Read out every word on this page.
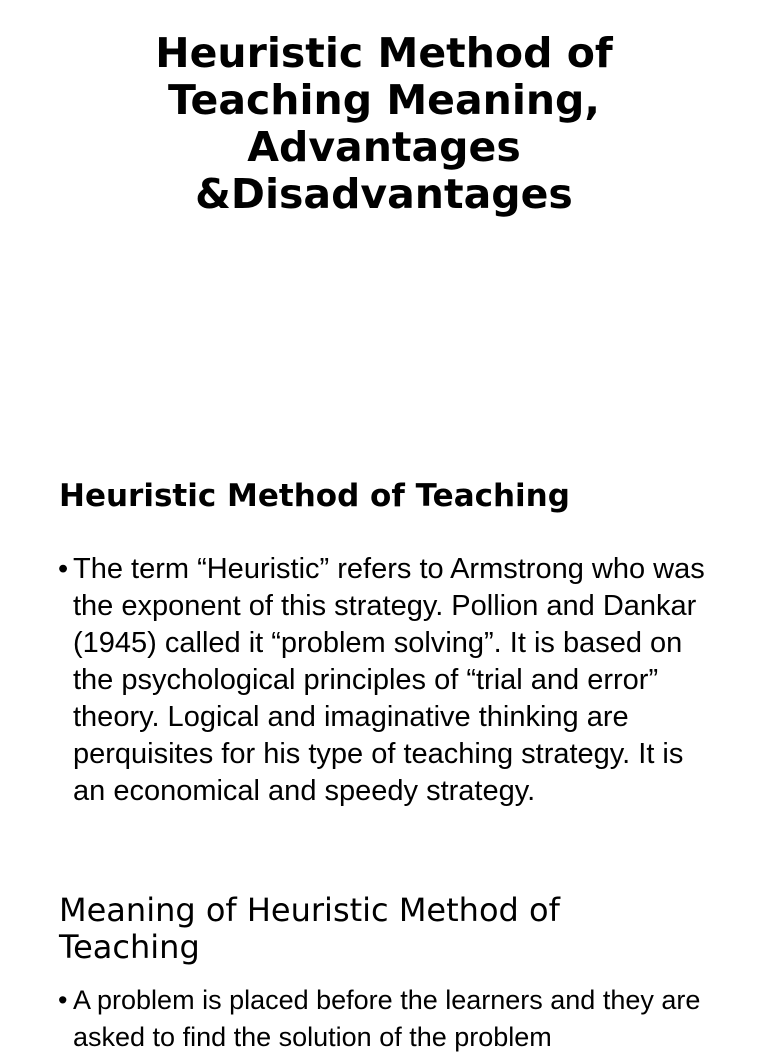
Heuristic Method of
Teaching Meaning,
Advantages
&Disadvantages
Heuristic Method of Teaching
• The term “Heuristic” refers to Armstrong who was the exponent of this strategy. Pollion and Dankar (1945) called it “problem solving”. It is based on the psychological principles of “trial and error” theory. Logical and imaginative thinking are perquisites for his type of teaching strategy. It is an economical and speedy strategy.
Meaning of Heuristic Method of
Teaching
• A problem is placed before the learners and they are asked to find the solution of the problem
